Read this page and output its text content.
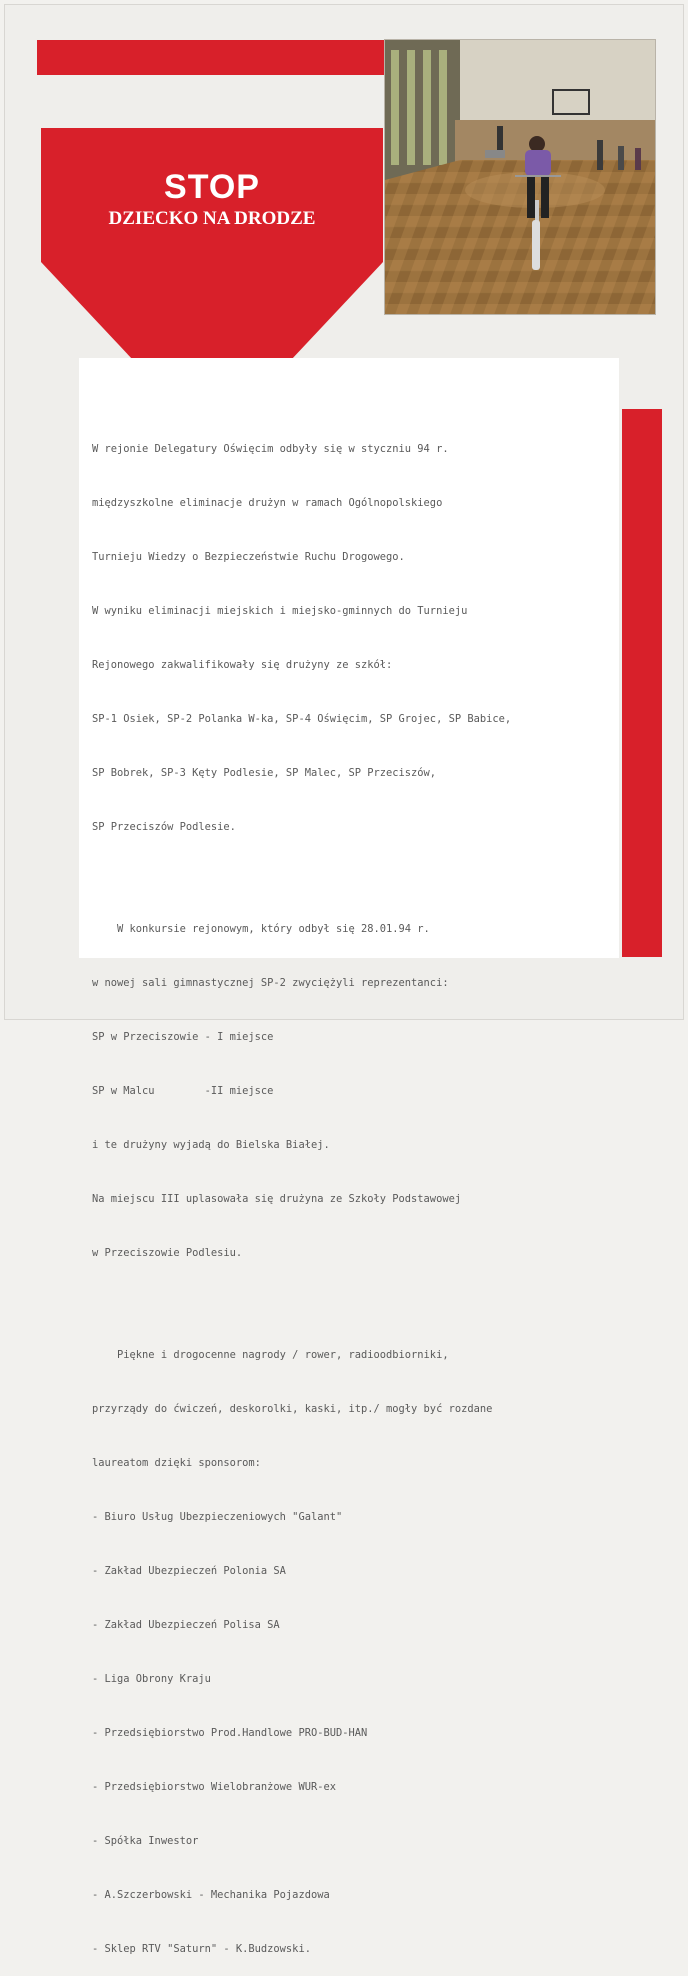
STOP
DZIECKO NA DRODZE

W rejonie Delegatury Oświęcim odbyły się w styczniu 94 r.

międzyszkolne eliminacje drużyn w ramach Ogólnopolskiego

Turnieju Wiedzy o Bezpieczeństwie Ruchu Drogowego.

W wyniku eliminacji miejskich i miejsko-gminnych do Turnieju

Rejonowego zakwalifikowały się drużyny ze szkół:

SP-1 Osiek, SP-2 Polanka W-ka, SP-4 Oświęcim, SP Grojec, SP Babice,

SP Bobrek, SP-3 Kęty Podlesie, SP Malec, SP Przeciszów,

SP Przeciszów Podlesie.

W konkursie rejonowym, który odbył się 28.01.94 r.

w nowej sali gimnastycznej SP-2 zwyciężyli reprezentanci:

SP w Przeciszowie - I miejsce

SP w Malcu        -II miejsce

i te drużyny wyjadą do Bielska Białej.

Na miejscu III uplasowała się drużyna ze Szkoły Podstawowej

w Przeciszowie Podlesiu.

Piękne i drogocenne nagrody / rower, radioodbiorniki,

przyrządy do ćwiczeń, deskorolki, kaski, itp./ mogły być rozdane

laureatom dzięki sponsorom:

- Biuro Usług Ubezpieczeniowych "Galant"

- Zakład Ubezpieczeń Polonia SA

- Zakład Ubezpieczeń Polisa SA

- Liga Obrony Kraju

- Przedsiębiorstwo Prod.Handlowe PRO-BUD-HAN

- Przedsiębiorstwo Wielobranżowe WUR-ex

- Spółka Inwestor

- A.Szczerbowski - Mechanika Pojazdowa

- Sklep RTV "Saturn" - K.Budzowski.
